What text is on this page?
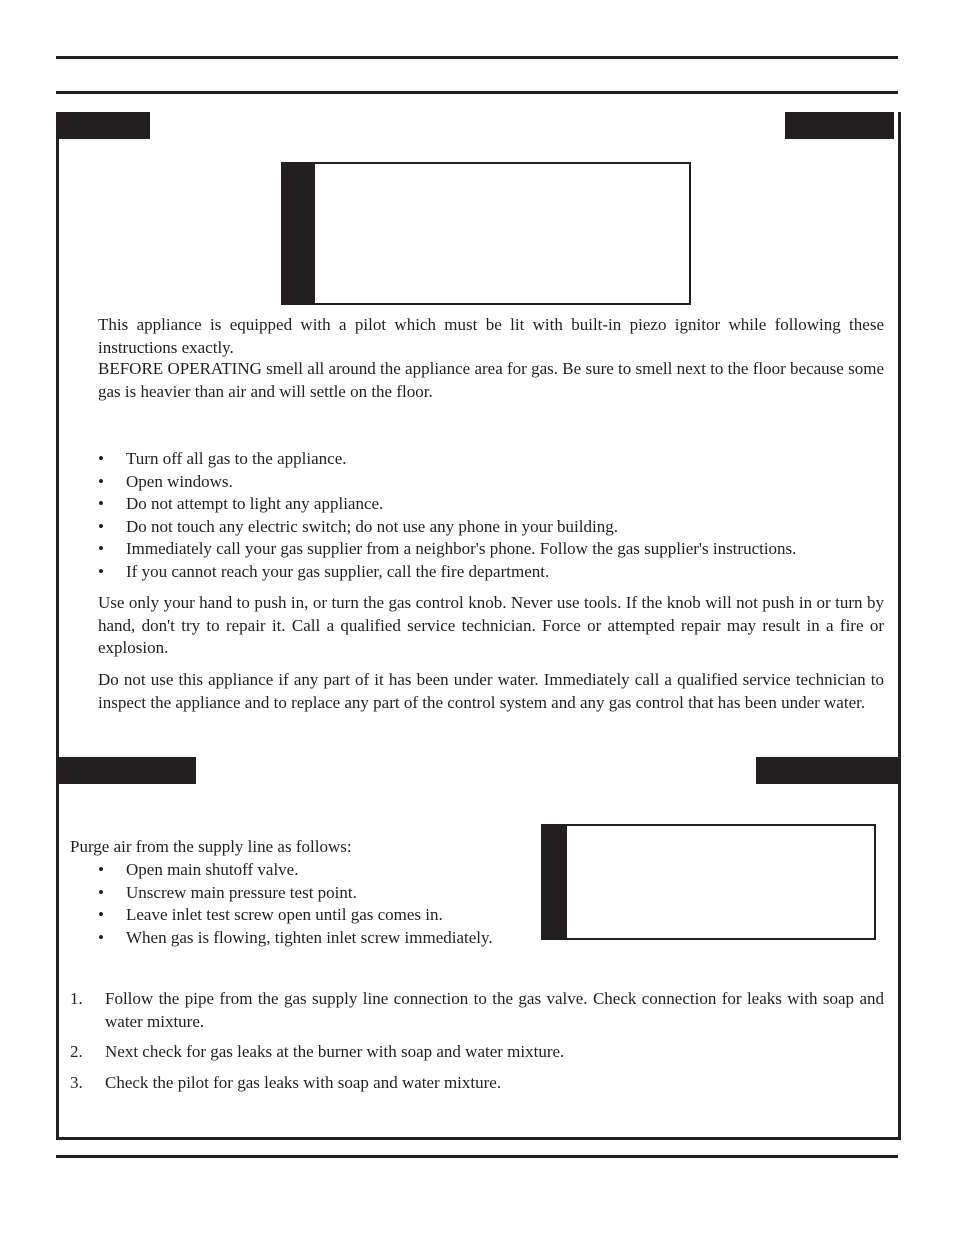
This appliance is equipped with a pilot which must be lit with built-in piezo ignitor while following these instructions exactly.

BEFORE OPERATING smell all around the appliance area for gas. Be sure to smell next to the floor because some gas is heavier than air and will settle on the floor.

• Turn off all gas to the appliance.
• Open windows.
• Do not attempt to light any appliance.
• Do not touch any electric switch; do not use any phone in your building.
• Immediately call your gas supplier from a neighbor's phone. Follow the gas supplier's instructions.
• If you cannot reach your gas supplier, call the fire department.

Use only your hand to push in, or turn the gas control knob. Never use tools. If the knob will not push in or turn by hand, don't try to repair it. Call a qualified service technician. Force or attempted repair may result in a fire or explosion.

Do not use this appliance if any part of it has been under water. Immediately call a qualified service technician to inspect the appliance and to replace any part of the control system and any gas control that has been under water.

Purge air from the supply line as follows:

• Open main shutoff valve.
• Unscrew main pressure test point.
• Leave inlet test screw open until gas comes in.
• When gas is flowing, tighten inlet screw immediately.
1. Follow the pipe from the gas supply line connection to the gas valve. Check connection for leaks with soap and water mixture.
2. Next check for gas leaks at the burner with soap and water mixture.
3. Check the pilot for gas leaks with soap and water mixture.
